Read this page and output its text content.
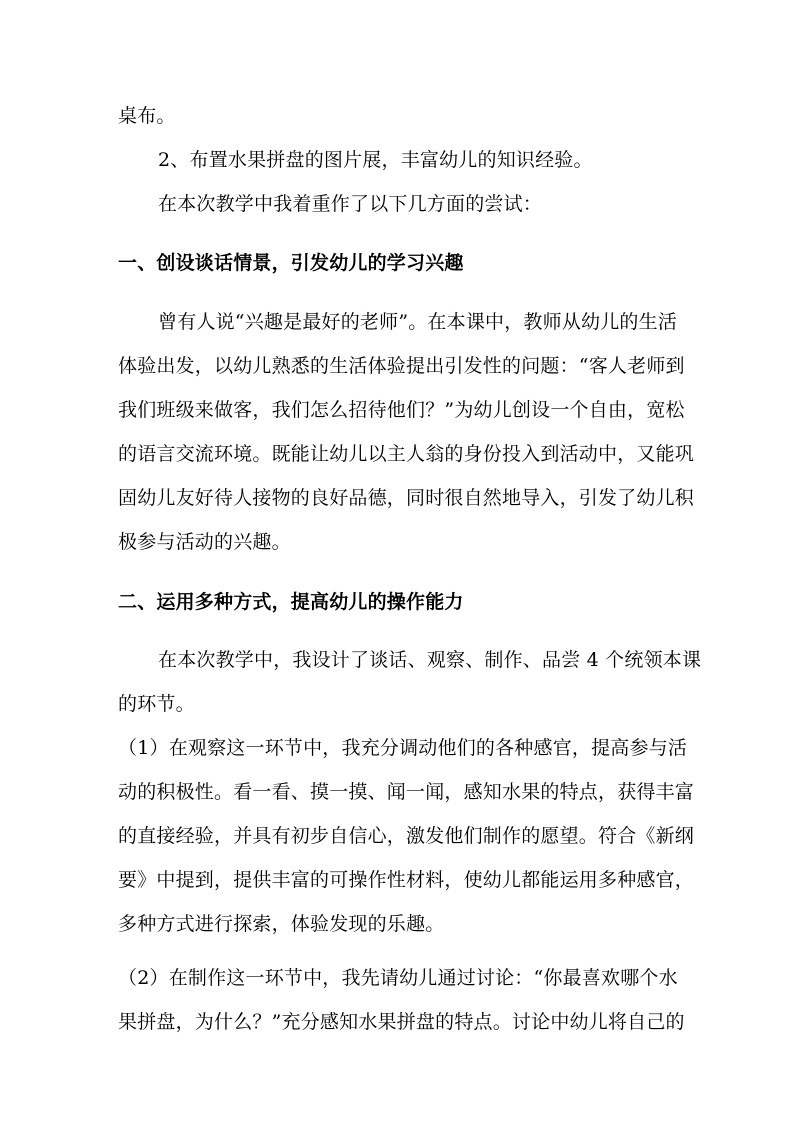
桌布。
2、布置水果拼盘的图片展，丰富幼儿的知识经验。
在本次教学中我着重作了以下几方面的尝试：
一、创设谈话情景，引发幼儿的学习兴趣
曾有人说“兴趣是最好的老师”。在本课中，教师从幼儿的生活
体验出发，以幼儿熟悉的生活体验提出引发性的问题：“客人老师到
我们班级来做客，我们怎么招待他们？”为幼儿创设一个自由，宽松
的语言交流环境。既能让幼儿以主人翁的身份投入到活动中，又能巩
固幼儿友好待人接物的良好品德，同时很自然地导入，引发了幼儿积
极参与活动的兴趣。
二、运用多种方式，提高幼儿的操作能力
在本次教学中，我设计了谈话、观察、制作、品尝 4 个统领本课
的环节。
（1）在观察这一环节中，我充分调动他们的各种感官，提高参与活
动的积极性。看一看、摸一摸、闻一闻，感知水果的特点，获得丰富
的直接经验，并具有初步自信心，激发他们制作的愿望。符合《新纲
要》中提到，提供丰富的可操作性材料，使幼儿都能运用多种感官，
多种方式进行探索，体验发现的乐趣。
（2）在制作这一环节中，我先请幼儿通过讨论：“你最喜欢哪个水
果拼盘，为什么？”充分感知水果拼盘的特点。讨论中幼儿将自己的
